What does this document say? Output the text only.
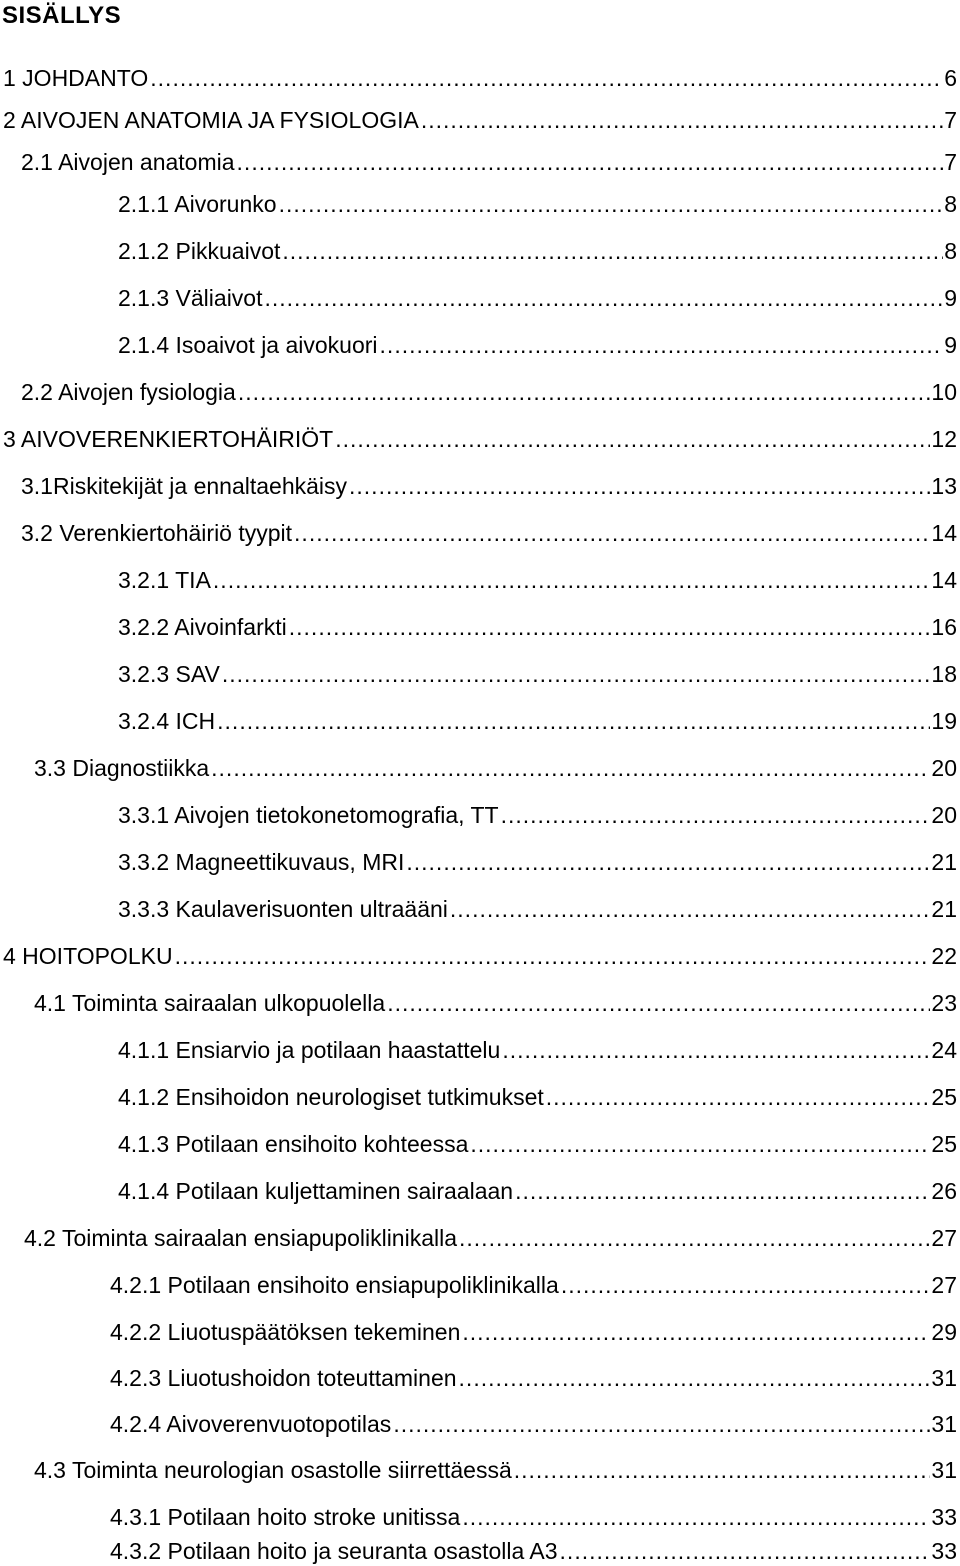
SISÄLLYS
1 JOHDANTO .....	6
2 AIVOJEN ANATOMIA JA FYSIOLOGIA .....	7
2.1 Aivojen anatomia .....	7
2.1.1 Aivorunko .....	8
2.1.2 Pikkuaivot .....	8
2.1.3 Väliaivot .....	9
2.1.4 Isoaivot ja aivokuori .....	9
2.2 Aivojen fysiologia .....	10
3 AIVOVERENKIERTOHÄIRIÖT .....	12
3.1Riskitekijät ja ennaltaehkäisy .....	13
3.2 Verenkiertohäiriö tyypit .....	14
3.2.1 TIA .....	14
3.2.2 Aivoinfarkti .....	16
3.2.3 SAV .....	18
3.2.4 ICH .....	19
3.3 Diagnostiikka .....	20
3.3.1 Aivojen tietokonetomografia, TT .....	20
3.3.2 Magneettikuvaus, MRI .....	21
3.3.3 Kaulaverisuonten ultraääni .....	21
4 HOITOPOLKU .....	22
4.1 Toiminta sairaalan ulkopuolella .....	23
4.1.1 Ensiarvio ja potilaan haastattelu .....	24
4.1.2 Ensihoidon neurologiset tutkimukset .....	25
4.1.3 Potilaan ensihoito kohteessa .....	25
4.1.4 Potilaan kuljettaminen sairaalaan .....	26
4.2 Toiminta sairaalan ensiapupoliklinikalla .....	27
4.2.1 Potilaan ensihoito ensiapupoliklinikalla .....	27
4.2.2 Liuotuspäätöksen tekeminen .....	29
4.2.3 Liuotushoidon toteuttaminen .....	31
4.2.4 Aivoverenvuotopotilas .....	31
4.3 Toiminta neurologian osastolle siirrettäessä .....	31
4.3.1 Potilaan hoito stroke unitissa .....	33
4.3.2 Potilaan hoito ja seuranta osastolla A3 .....	33
